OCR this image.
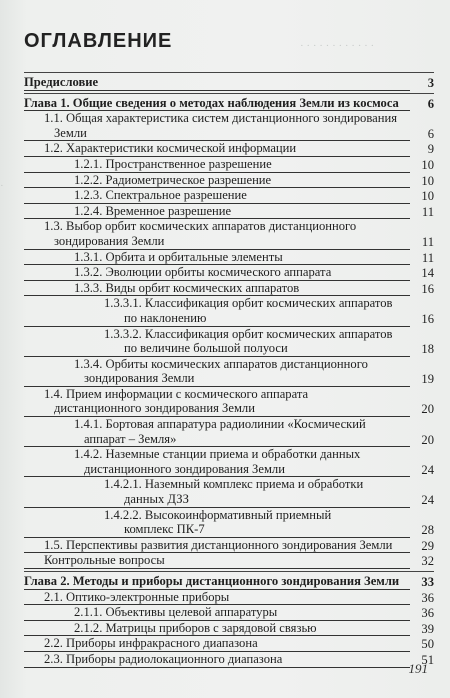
· · · · · · · · · · · ·
·
ОГЛАВЛЕНИЕ
Предисловие	3
Глава 1. Общие сведения о методах наблюдения Земли из космоса	6
1.1. Общая характеристика систем дистанционного зондирования
Земли	6
1.2. Характеристики космической информации	9
1.2.1. Пространственное разрешение	10
1.2.2. Радиометрическое разрешение	10
1.2.3. Спектральное разрешение	10
1.2.4. Временное разрешение	11
1.3. Выбор орбит космических аппаратов дистанционного
зондирования Земли	11
1.3.1. Орбита и орбитальные элементы	11
1.3.2. Эволюции орбиты космического аппарата	14
1.3.3. Виды орбит космических аппаратов	16
1.3.3.1. Классификация орбит космических аппаратов
по наклонению	16
1.3.3.2. Классификация орбит космических аппаратов
по величине большой полуоси	18
1.3.4. Орбиты космических аппаратов дистанционного
зондирования Земли	19
1.4. Прием информации с космического аппарата
дистанционного зондирования Земли	20
1.4.1. Бортовая аппаратура радиолинии «Космический
аппарат – Земля»	20
1.4.2. Наземные станции приема и обработки данных
дистанционного зондирования Земли	24
1.4.2.1. Наземный комплекс приема и обработки
данных ДЗЗ	24
1.4.2.2. Высокоинформативный приемный
комплекс ПК-7	28
1.5. Перспективы развития дистанционного зондирования Земли	29
Контрольные вопросы	32
Глава 2. Методы и приборы дистанционного зондирования Земли	33
2.1. Оптико-электронные приборы	36
2.1.1. Объективы целевой аппаратуры	36
2.1.2. Матрицы приборов с зарядовой связью	39
2.2. Приборы инфракрасного диапазона	50
2.3. Приборы радиолокационного диапазона	51
191
